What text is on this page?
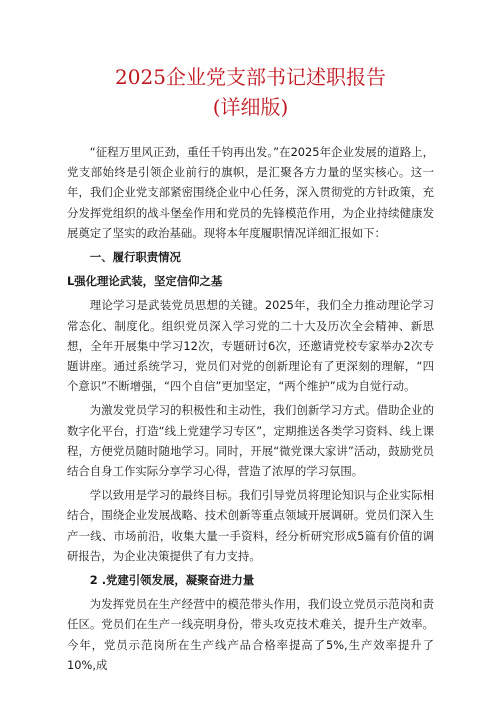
2025企业党支部书记述职报告
(详细版)

“征程万里风正劲，重任千钧再出发。”在2025年企业发展的道路上，党支部始终是引领企业前行的旗帜，是汇聚各方力量的坚实核心。这一年，我们企业党支部紧密围绕企业中心任务，深入贯彻党的方针政策，充分发挥党组织的战斗堡垒作用和党员的先锋模范作用，为企业持续健康发展奠定了坚实的政治基础。现将本年度履职情况详细汇报如下：

一、履行职责情况

L强化理论武装，坚定信仰之基

理论学习是武装党员思想的关键。2025年，我们全力推动理论学习常态化、制度化。组织党员深入学习党的二十大及历次全会精神、新思想，全年开展集中学习12次，专题研讨6次，还邀请党校专家举办2次专题讲座。通过系统学习，党员们对党的创新理论有了更深刻的理解，“四个意识”不断增强，“四个自信”更加坚定，“两个维护”成为自觉行动。

为激发党员学习的积极性和主动性，我们创新学习方式。借助企业的数字化平台，打造“线上党建学习专区”，定期推送各类学习资料、线上课程，方便党员随时随地学习。同时，开展“微党课大家讲”活动，鼓励党员结合自身工作实际分享学习心得，营造了浓厚的学习氛围。

学以致用是学习的最终目标。我们引导党员将理论知识与企业实际相结合，围绕企业发展战略、技术创新等重点领域开展调研。党员们深入生产一线、市场前沿，收集大量一手资料，经分析研究形成5篇有价值的调研报告，为企业决策提供了有力支持。

2 .党建引领发展，凝聚奋进力量

为发挥党员在生产经营中的模范带头作用，我们设立党员示范岗和责任区。党员们在生产一线亮明身份，带头攻克技术难关，提升生产效率。今年，党员示范岗所在生产线产品合格率提高了5%,生产效率提升了10%,成
